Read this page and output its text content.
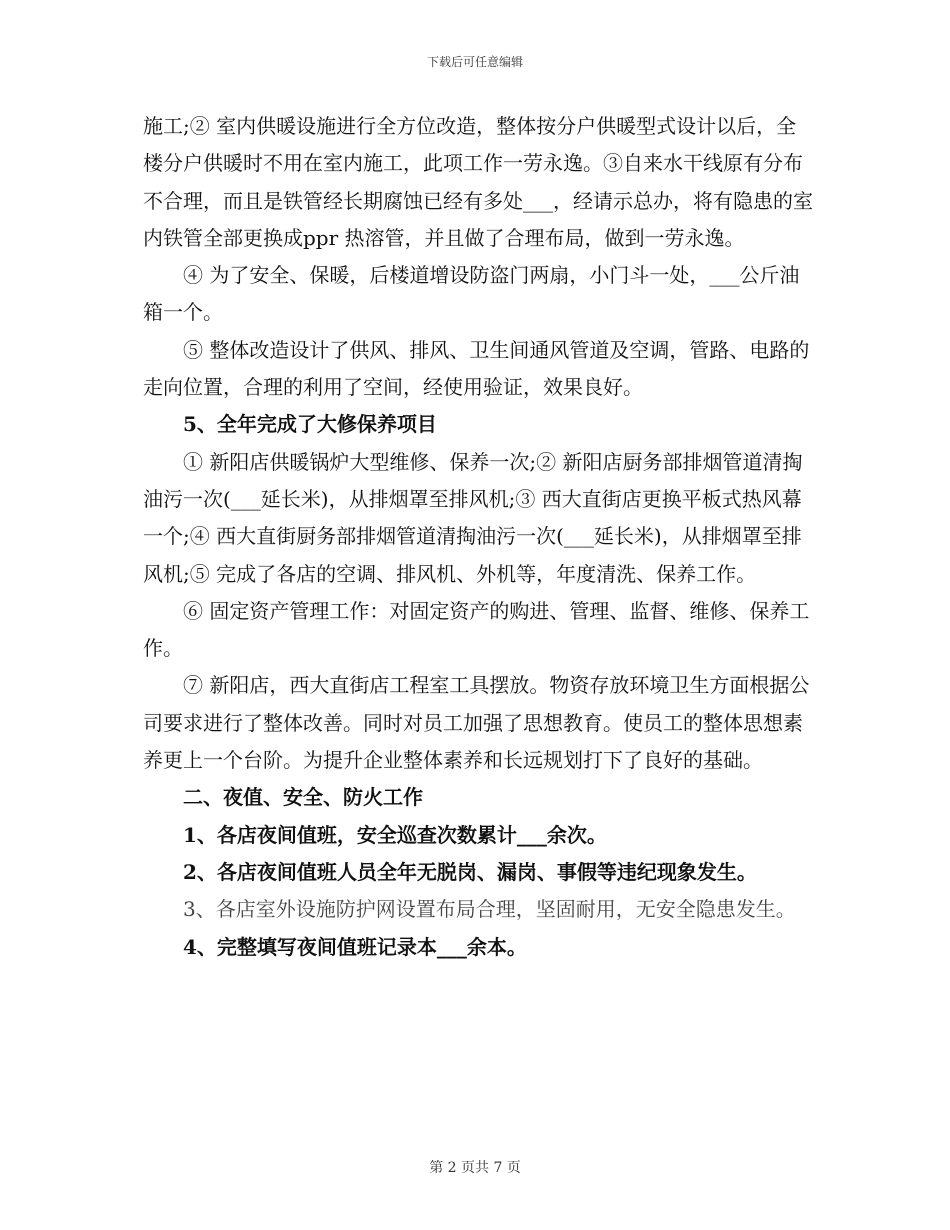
下载后可任意编辑

施工;② 室内供暖设施进行全方位改造，整体按分户供暖型式设计以后，全楼分户供暖时不用在室内施工，此项工作一劳永逸。③自来水干线原有分布不合理，而且是铁管经长期腐蚀已经有多处___，经请示总办，将有隐患的室内铁管全部更换成ppr 热溶管，并且做了合理布局，做到一劳永逸。

④ 为了安全、保暖，后楼道增设防盗门两扇，小门斗一处，___公斤油箱一个。

⑤ 整体改造设计了供风、排风、卫生间通风管道及空调，管路、电路的走向位置，合理的利用了空间，经使用验证，效果良好。

5、全年完成了大修保养项目

① 新阳店供暖锅炉大型维修、保养一次;② 新阳店厨务部排烟管道清掏油污一次(___延长米)，从排烟罩至排风机;③ 西大直街店更换平板式热风幕一个;④ 西大直街厨务部排烟管道清掏油污一次(___延长米)，从排烟罩至排风机;⑤ 完成了各店的空调、排风机、外机等，年度清洗、保养工作。

⑥ 固定资产管理工作：对固定资产的购进、管理、监督、维修、保养工作。

⑦ 新阳店，西大直街店工程室工具摆放。物资存放环境卫生方面根据公司要求进行了整体改善。同时对员工加强了思想教育。使员工的整体思想素养更上一个台阶。为提升企业整体素养和长远规划打下了良好的基础。

二、夜值、安全、防火工作

1、各店夜间值班，安全巡查次数累计___余次。

2、各店夜间值班人员全年无脱岗、漏岗、事假等违纪现象发生。

3、各店室外设施防护网设置布局合理，坚固耐用，无安全隐患发生。

4、完整填写夜间值班记录本___余本。

第 2 页共 7 页
